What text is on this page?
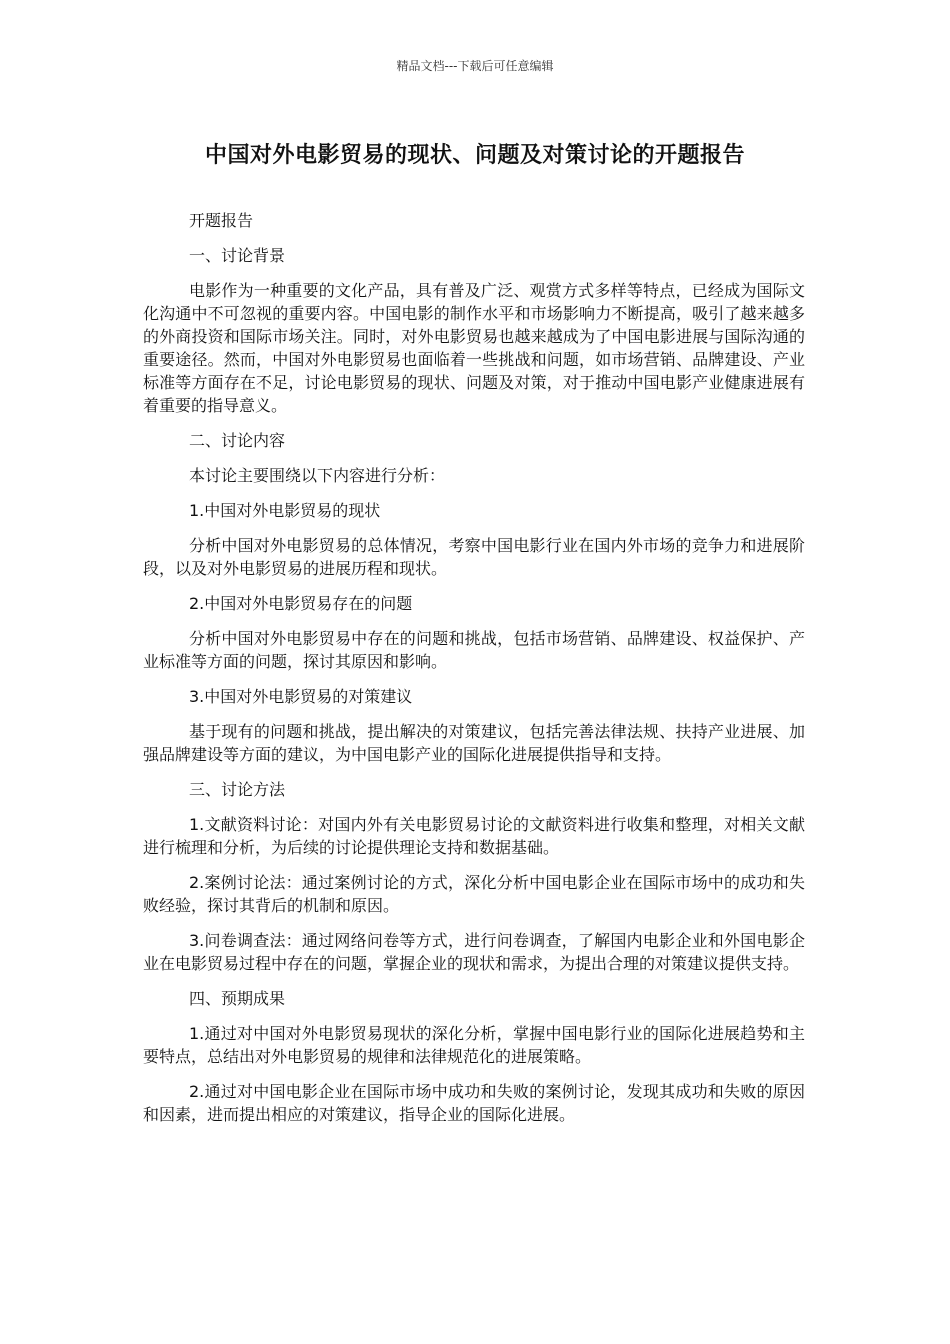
精品文档---下载后可任意编辑
中国对外电影贸易的现状、问题及对策讨论的开题报告

开题报告

一、讨论背景

电影作为一种重要的文化产品，具有普及广泛、观赏方式多样等特点，已经成为国际文化沟通中不可忽视的重要内容。中国电影的制作水平和市场影响力不断提高，吸引了越来越多的外商投资和国际市场关注。同时，对外电影贸易也越来越成为了中国电影进展与国际沟通的重要途径。然而，中国对外电影贸易也面临着一些挑战和问题，如市场营销、品牌建设、产业标准等方面存在不足，讨论电影贸易的现状、问题及对策，对于推动中国电影产业健康进展有着重要的指导意义。

二、讨论内容

本讨论主要围绕以下内容进行分析：

1.中国对外电影贸易的现状

分析中国对外电影贸易的总体情况，考察中国电影行业在国内外市场的竞争力和进展阶段，以及对外电影贸易的进展历程和现状。

2.中国对外电影贸易存在的问题

分析中国对外电影贸易中存在的问题和挑战，包括市场营销、品牌建设、权益保护、产业标准等方面的问题，探讨其原因和影响。

3.中国对外电影贸易的对策建议

基于现有的问题和挑战，提出解决的对策建议，包括完善法律法规、扶持产业进展、加强品牌建设等方面的建议，为中国电影产业的国际化进展提供指导和支持。

三、讨论方法

1.文献资料讨论：对国内外有关电影贸易讨论的文献资料进行收集和整理，对相关文献进行梳理和分析，为后续的讨论提供理论支持和数据基础。

2.案例讨论法：通过案例讨论的方式，深化分析中国电影企业在国际市场中的成功和失败经验，探讨其背后的机制和原因。

3.问卷调查法：通过网络问卷等方式，进行问卷调查，了解国内电影企业和外国电影企业在电影贸易过程中存在的问题，掌握企业的现状和需求，为提出合理的对策建议提供支持。

四、预期成果

1.通过对中国对外电影贸易现状的深化分析，掌握中国电影行业的国际化进展趋势和主要特点，总结出对外电影贸易的规律和法律规范化的进展策略。

2.通过对中国电影企业在国际市场中成功和失败的案例讨论，发现其成功和失败的原因和因素，进而提出相应的对策建议，指导企业的国际化进展。
